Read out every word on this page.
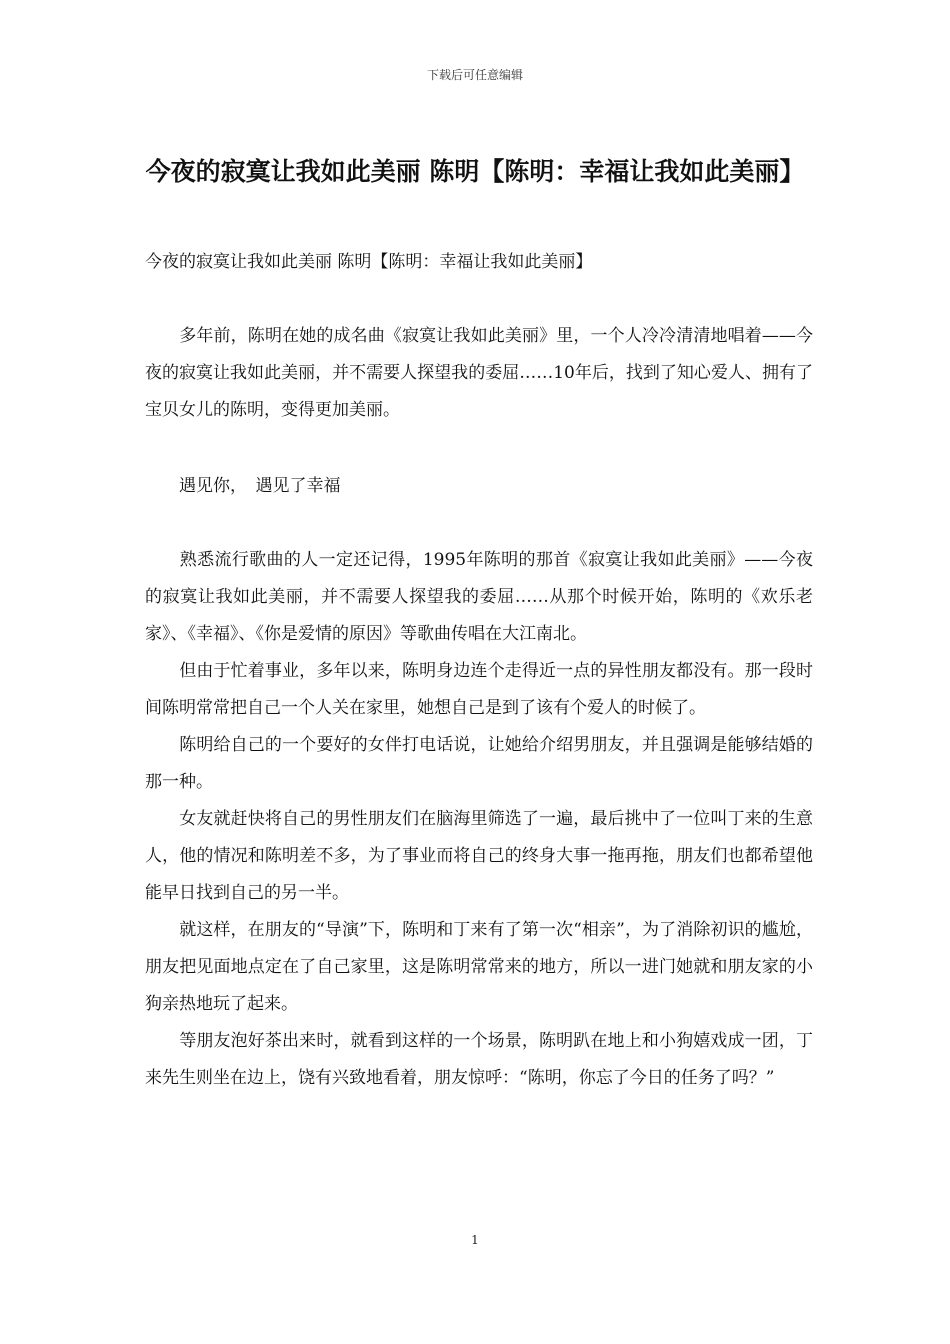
下载后可任意编辑
今夜的寂寞让我如此美丽 陈明【陈明：幸福让我如此美丽】
今夜的寂寞让我如此美丽 陈明【陈明：幸福让我如此美丽】

　　多年前，陈明在她的成名曲《寂寞让我如此美丽》里，一个人冷冷清清地唱着——今夜的寂寞让我如此美丽，并不需要人探望我的委屈……10年后，找到了知心爱人、拥有了宝贝女儿的陈明，变得更加美丽。

　　遇见你，　遇见了幸福

　　熟悉流行歌曲的人一定还记得，1995年陈明的那首《寂寞让我如此美丽》——今夜的寂寞让我如此美丽，并不需要人探望我的委屈……从那个时候开始，陈明的《欢乐老家》、《幸福》、《你是爱情的原因》等歌曲传唱在大江南北。

　　但由于忙着事业，多年以来，陈明身边连个走得近一点的异性朋友都没有。那一段时间陈明常常把自己一个人关在家里，她想自己是到了该有个爱人的时候了。

　　陈明给自己的一个要好的女伴打电话说，让她给介绍男朋友，并且强调是能够结婚的那一种。

　　女友就赶快将自己的男性朋友们在脑海里筛选了一遍，最后挑中了一位叫丁来的生意人，他的情况和陈明差不多，为了事业而将自己的终身大事一拖再拖，朋友们也都希望他能早日找到自己的另一半。

　　就这样，在朋友的“导演”下，陈明和丁来有了第一次“相亲”，为了消除初识的尴尬，朋友把见面地点定在了自己家里，这是陈明常常来的地方，所以一进门她就和朋友家的小狗亲热地玩了起来。

　　等朋友泡好茶出来时，就看到这样的一个场景，陈明趴在地上和小狗嬉戏成一团，丁来先生则坐在边上，饶有兴致地看着，朋友惊呼：“陈明，你忘了今日的任务了吗？”

1
